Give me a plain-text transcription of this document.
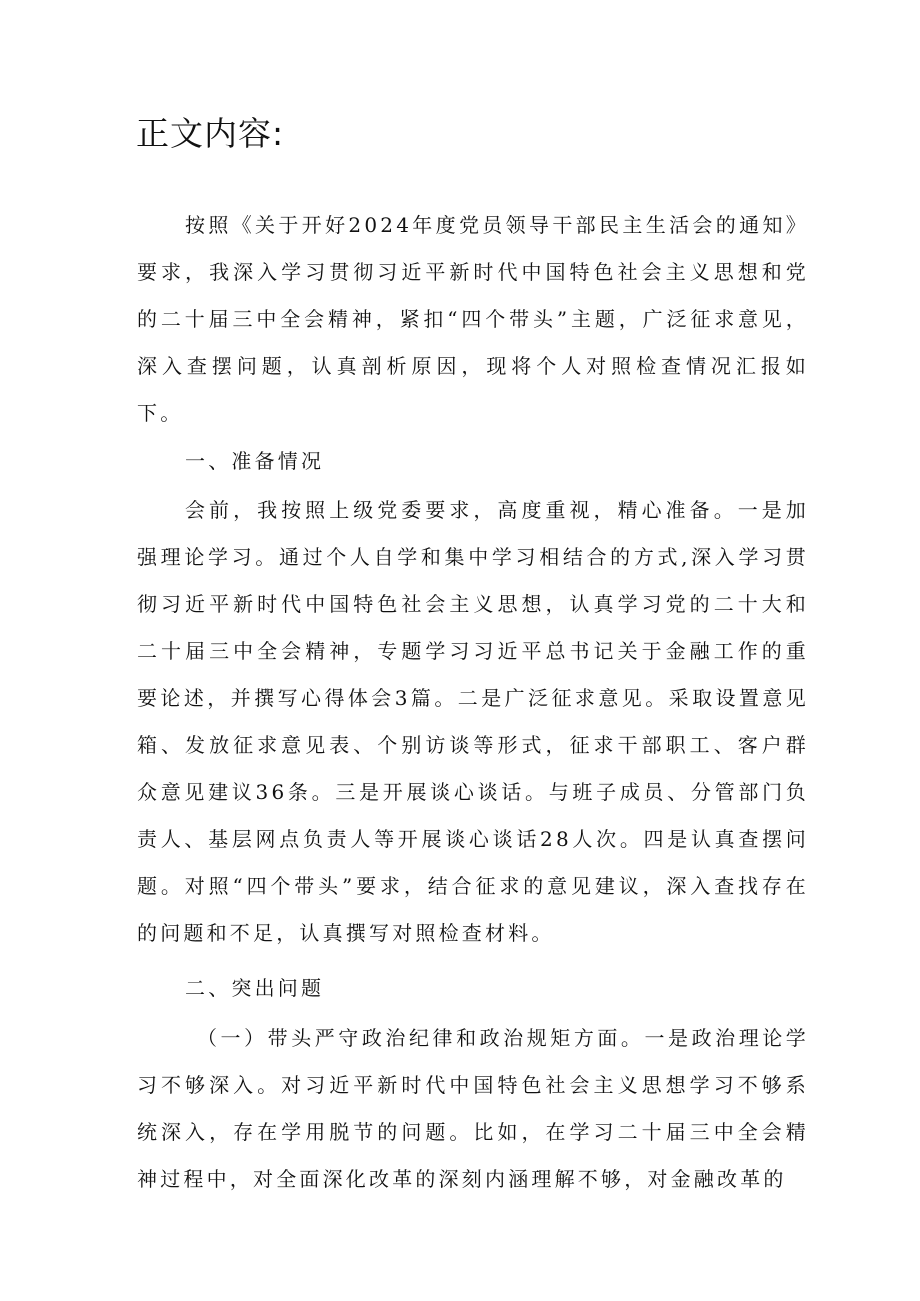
正文内容:

按照《关于开好2024年度党员领导干部民主生活会的通知》要求，我深入学习贯彻习近平新时代中国特色社会主义思想和党的二十届三中全会精神，紧扣“四个带头”主题，广泛征求意见，深入查摆问题，认真剖析原因，现将个人对照检查情况汇报如下。

一、准备情况

会前，我按照上级党委要求，高度重视，精心准备。一是加强理论学习。通过个人自学和集中学习相结合的方式,深入学习贯彻习近平新时代中国特色社会主义思想，认真学习党的二十大和二十届三中全会精神，专题学习习近平总书记关于金融工作的重要论述，并撰写心得体会3篇。二是广泛征求意见。采取设置意见箱、发放征求意见表、个别访谈等形式，征求干部职工、客户群众意见建议36条。三是开展谈心谈话。与班子成员、分管部门负责人、基层网点负责人等开展谈心谈话28人次。四是认真查摆问题。对照“四个带头”要求，结合征求的意见建议，深入查找存在的问题和不足，认真撰写对照检查材料。

二、突出问题

（一）带头严守政治纪律和政治规矩方面。一是政治理论学习不够深入。对习近平新时代中国特色社会主义思想学习不够系统深入，存在学用脱节的问题。比如，在学习二十届三中全会精神过程中，对全面深化改革的深刻内涵理解不够，对金融改革的
